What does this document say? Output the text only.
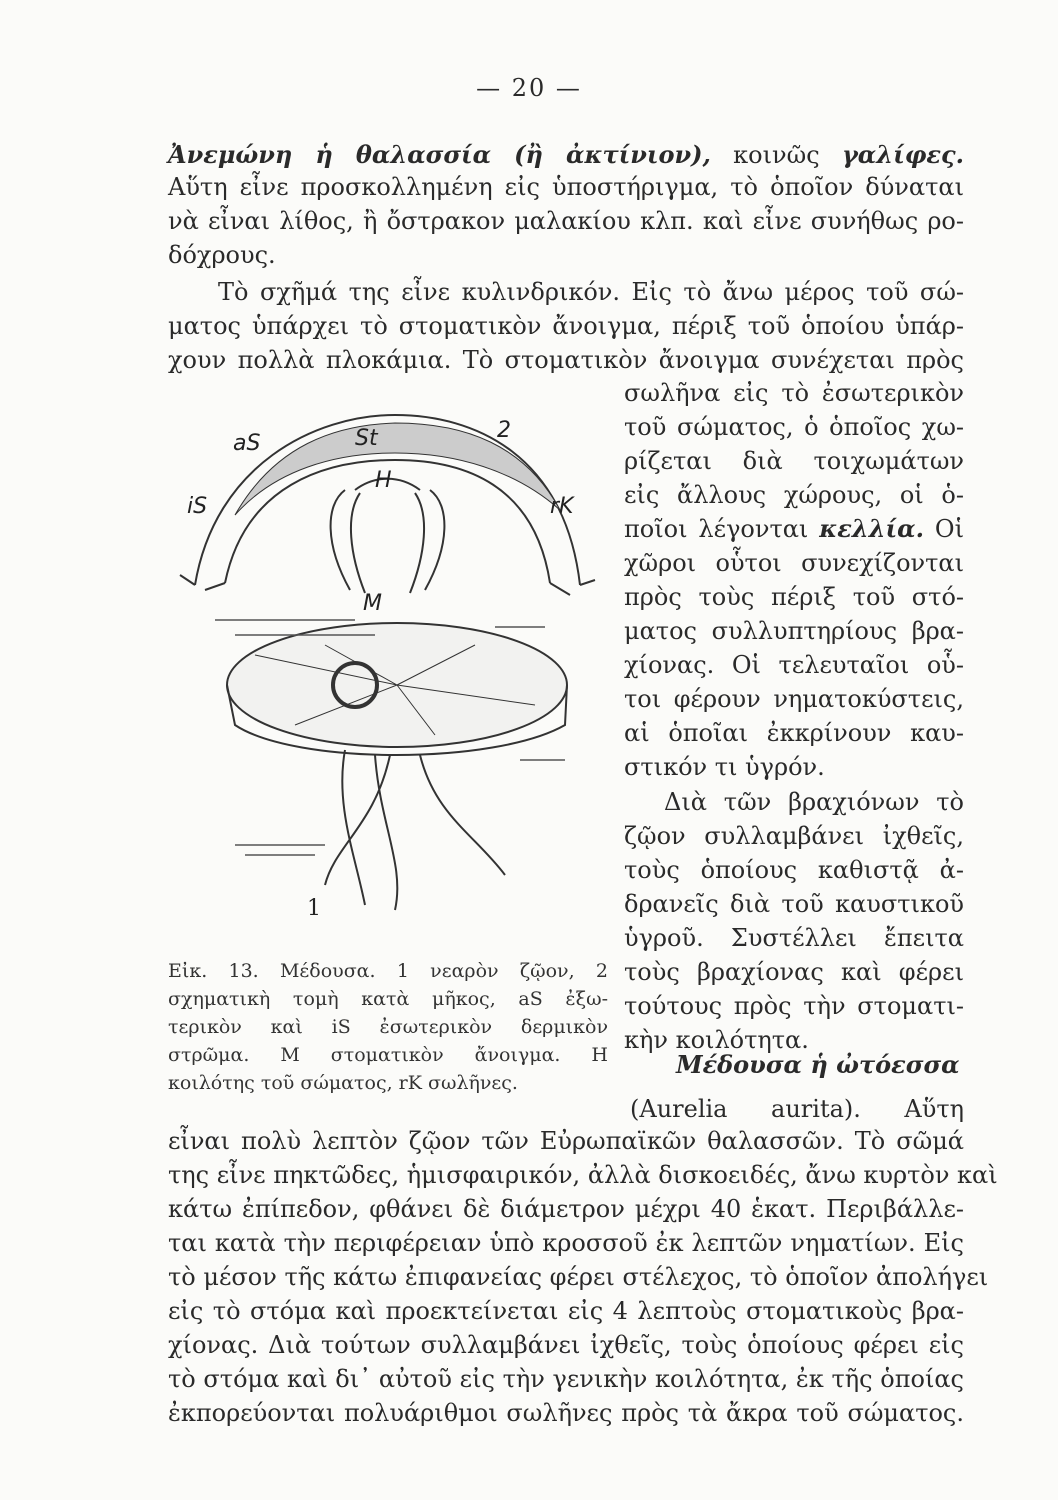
— 20 —
Ἀνεμώνη ἡ θαλασσία (ἢ ἀκτίνιον), κοινῶς γαλίφες.
Αὕτη εἶνε προσκολλημένη εἰς ὑποστήριγμα, τὸ ὁποῖον δύναται
νὰ εἶναι λίθος, ἢ ὄστρακον μαλακίου κλπ. καὶ εἶνε συνήθως ρο-
δόχρους.
Τὸ σχῆμά της εἶνε κυλινδρικόν. Εἰς τὸ ἄνω μέρος τοῦ σώ-
ματος ὑπάρχει τὸ στοματικὸν ἄνοιγμα, πέριξ τοῦ ὁποίου ὑπάρ-
χουν πολλὰ πλοκάμια. Τὸ στοματικὸν ἄνοιγμα συνέχεται πρὸς
σωλῆνα εἰς τὸ ἐσωτερικὸν
τοῦ σώματος, ὁ ὁποῖος χω-
ρίζεται διὰ τοιχωμάτων
εἰς ἄλλους χώρους, οἱ ὁ-
ποῖοι λέγονται κελλία. Οἱ
χῶροι οὗτοι συνεχίζονται
πρὸς τοὺς πέριξ τοῦ στό-
ματος συλλυπτηρίους βρα-
χίονας. Οἱ τελευταῖοι οὗ-
τοι φέρουν νηματοκύστεις,
αἱ ὁποῖαι ἐκκρίνουν καυ-
στικόν τι ὑγρόν.
Διὰ τῶν βραχιόνων τὸ
ζῷον συλλαμβάνει ἰχθεῖς,
τοὺς ὁποίους καθιστᾷ ἀ-
δρανεῖς διὰ τοῦ καυστικοῦ
ὑγροῦ. Συστέλλει ἔπειτα
τοὺς βραχίονας καὶ φέρει
τούτους πρὸς τὴν στοματι-
κὴν κοιλότητα.
aS	St	2
iS
H
rK
M
1
Εἰκ. 13. Μέδουσα. 1 νεαρὸν ζῷον, 2
σχηματικὴ τομὴ κατὰ μῆκος, aS ἐξω-
τερικὸν καὶ iS ἐσωτερικὸν δερμικὸν
στρῶμα. Μ στοματικὸν ἄνοιγμα. Η
κοιλότης τοῦ σώματος, rK σωλῆνες.
Μέδουσα ἡ ὠτόεσσα
(Aurelia aurita). Αὕτη
εἶναι πολὺ λεπτὸν ζῷον τῶν Εὐρωπαϊκῶν θαλασσῶν. Τὸ σῶμά
της εἶνε πηκτῶδες, ἡμισφαιρικόν, ἀλλὰ δισκοειδές, ἄνω κυρτὸν καὶ
κάτω ἐπίπεδον, φθάνει δὲ διάμετρον μέχρι 40 ἑκατ. Περιβάλλε-
ται κατὰ τὴν περιφέρειαν ὑπὸ κροσσοῦ ἐκ λεπτῶν νηματίων. Εἰς
τὸ μέσον τῆς κάτω ἐπιφανείας φέρει στέλεχος, τὸ ὁποῖον ἀπολήγει
εἰς τὸ στόμα καὶ προεκτείνεται εἰς 4 λεπτοὺς στοματικοὺς βρα-
χίονας. Διὰ τούτων συλλαμβάνει ἰχθεῖς, τοὺς ὁποίους φέρει εἰς
τὸ στόμα καὶ δι᾽ αὐτοῦ εἰς τὴν γενικὴν κοιλότητα, ἐκ τῆς ὁποίας
ἐκπορεύονται πολυάριθμοι σωλῆνες πρὸς τὰ ἄκρα τοῦ σώματος.
